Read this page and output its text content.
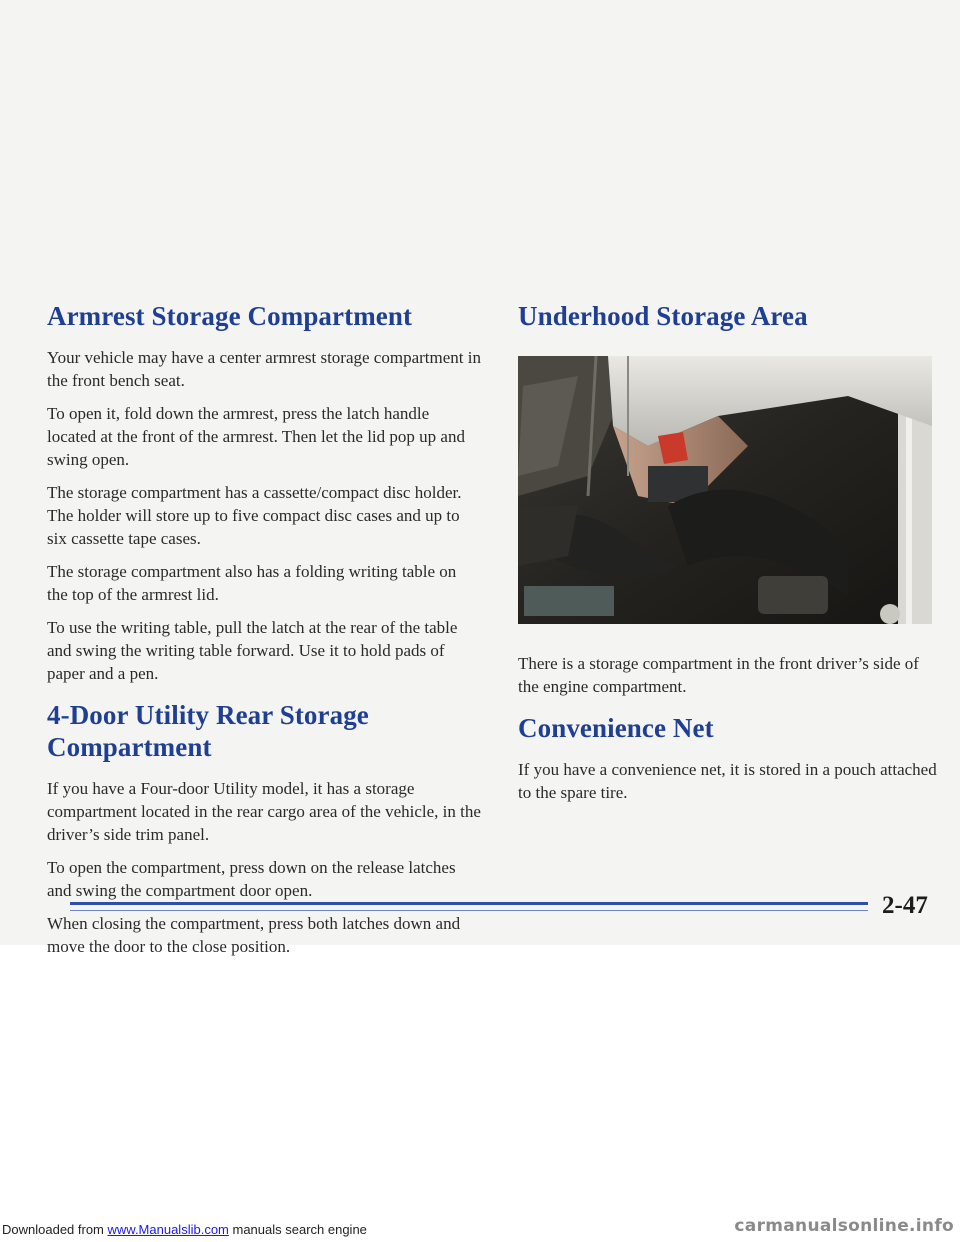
Armrest Storage Compartment

Your vehicle may have a center armrest storage compartment in the front bench seat.

To open it, fold down the armrest, press the latch handle located at the front of the armrest. Then let the lid pop up and swing open.

The storage compartment has a cassette/compact disc holder. The holder will store up to five compact disc cases and up to six cassette tape cases.

The storage compartment also has a folding writing table on the top of the armrest lid.

To use the writing table, pull the latch at the rear of the table and swing the writing table forward. Use it to hold pads of paper and a pen.

4-Door Utility Rear Storage Compartment

If you have a Four-door Utility model, it has a storage compartment located in the rear cargo area of the vehicle, in the driver’s side trim panel.

To open the compartment, press down on the release latches and swing the compartment door open.

When closing the compartment, press both latches down and move the door to the close position.

Underhood Storage Area

There is a storage compartment in the front driver’s side of the engine compartment.

Convenience Net

If you have a convenience net, it is stored in a pouch attached to the spare tire.

2-47
Downloaded from www.Manualslib.com manuals search engine	carmanualsonline.info
